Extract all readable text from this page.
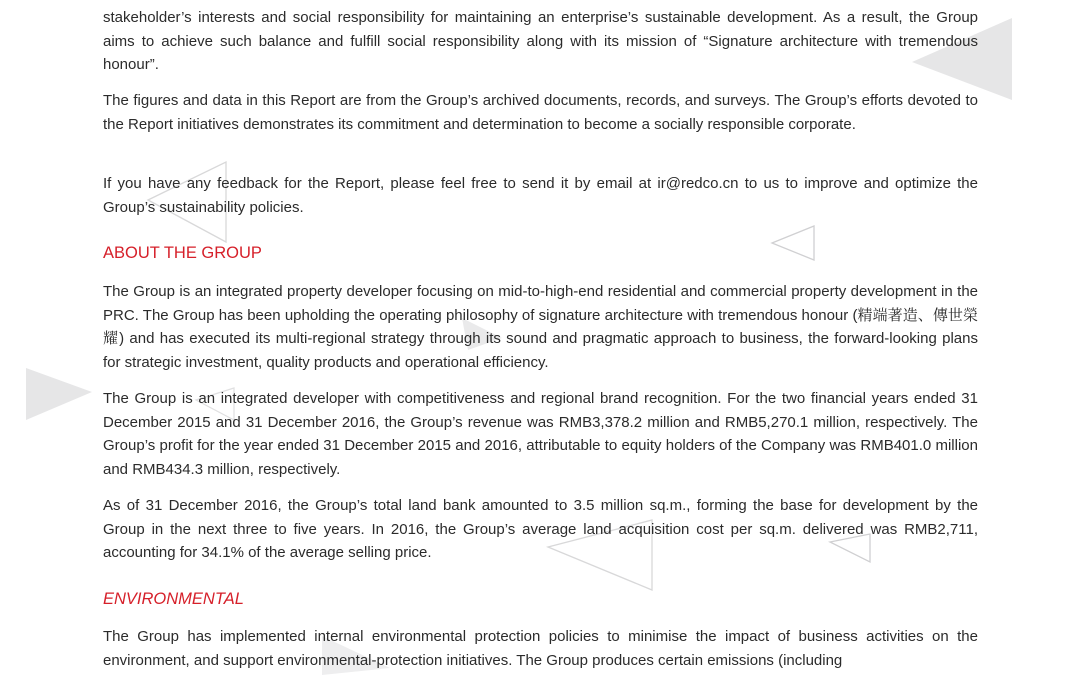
stakeholder’s interests and social responsibility for maintaining an enterprise’s sustainable development. As a result, the Group aims to achieve such balance and fulfill social responsibility along with its mission of “Signature architecture with tremendous honour”.

The figures and data in this Report are from the Group’s archived documents, records, and surveys. The Group’s efforts devoted to the Report initiatives demonstrates its commitment and determination to become a socially responsible corporate.

If you have any feedback for the Report, please feel free to send it by email at ir@redco.cn to us to improve and optimize the Group’s sustainability policies.

ABOUT THE GROUP

The Group is an integrated property developer focusing on mid-to-high-end residential and commercial property development in the PRC. The Group has been upholding the operating philosophy of signature architecture with tremendous honour (精端著造、傳世榮耀) and has executed its multi-regional strategy through its sound and pragmatic approach to business, the forward-looking plans for strategic investment, quality products and operational efficiency.

The Group is an integrated developer with competitiveness and regional brand recognition. For the two financial years ended 31 December 2015 and 31 December 2016, the Group’s revenue was RMB3,378.2 million and RMB5,270.1 million, respectively. The Group’s profit for the year ended 31 December 2015 and 2016, attributable to equity holders of the Company was RMB401.0 million and RMB434.3 million, respectively.

As of 31 December 2016, the Group’s total land bank amounted to 3.5 million sq.m., forming the base for development by the Group in the next three to five years. In 2016, the Group’s average land acquisition cost per sq.m. delivered was RMB2,711, accounting for 34.1% of the average selling price.

ENVIRONMENTAL

The Group has implemented internal environmental protection policies to minimise the impact of business activities on the environment, and support environmental-protection initiatives. The Group produces certain emissions (including
